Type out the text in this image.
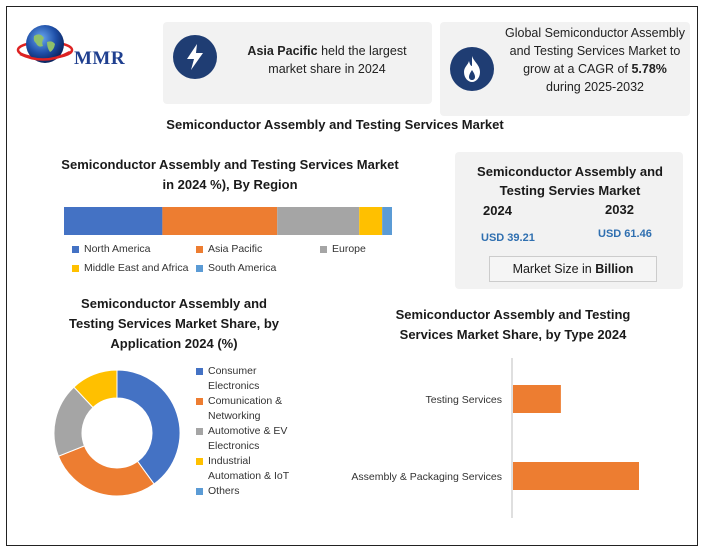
MMR	Asia Pacific held the largest market share in 2024
Global Semiconductor Assembly and Testing Services Market to grow at a CAGR of 5.78% during 2025-2032
Semiconductor Assembly and Testing Services Market
Semiconductor Assembly and Testing Services Market in 2024 %), By Region
North America	Asia Pacific	Europe
Middle East and Africa South America
Semiconductor Assembly and Testing Servies Market
2024	2032
USD 39.21	USD 61.46
Market Size in Billion
Semiconductor Assembly and Testing Services Market Share, by Application 2024 (%)
Consumer
Electronics
Comunication &
Networking
Automotive & EV
Electronics
Industrial
Automation & IoT
Others
Semiconductor Assembly and Testing Services Market Share, by Type 2024
Testing Services
Assembly & Packaging Services
